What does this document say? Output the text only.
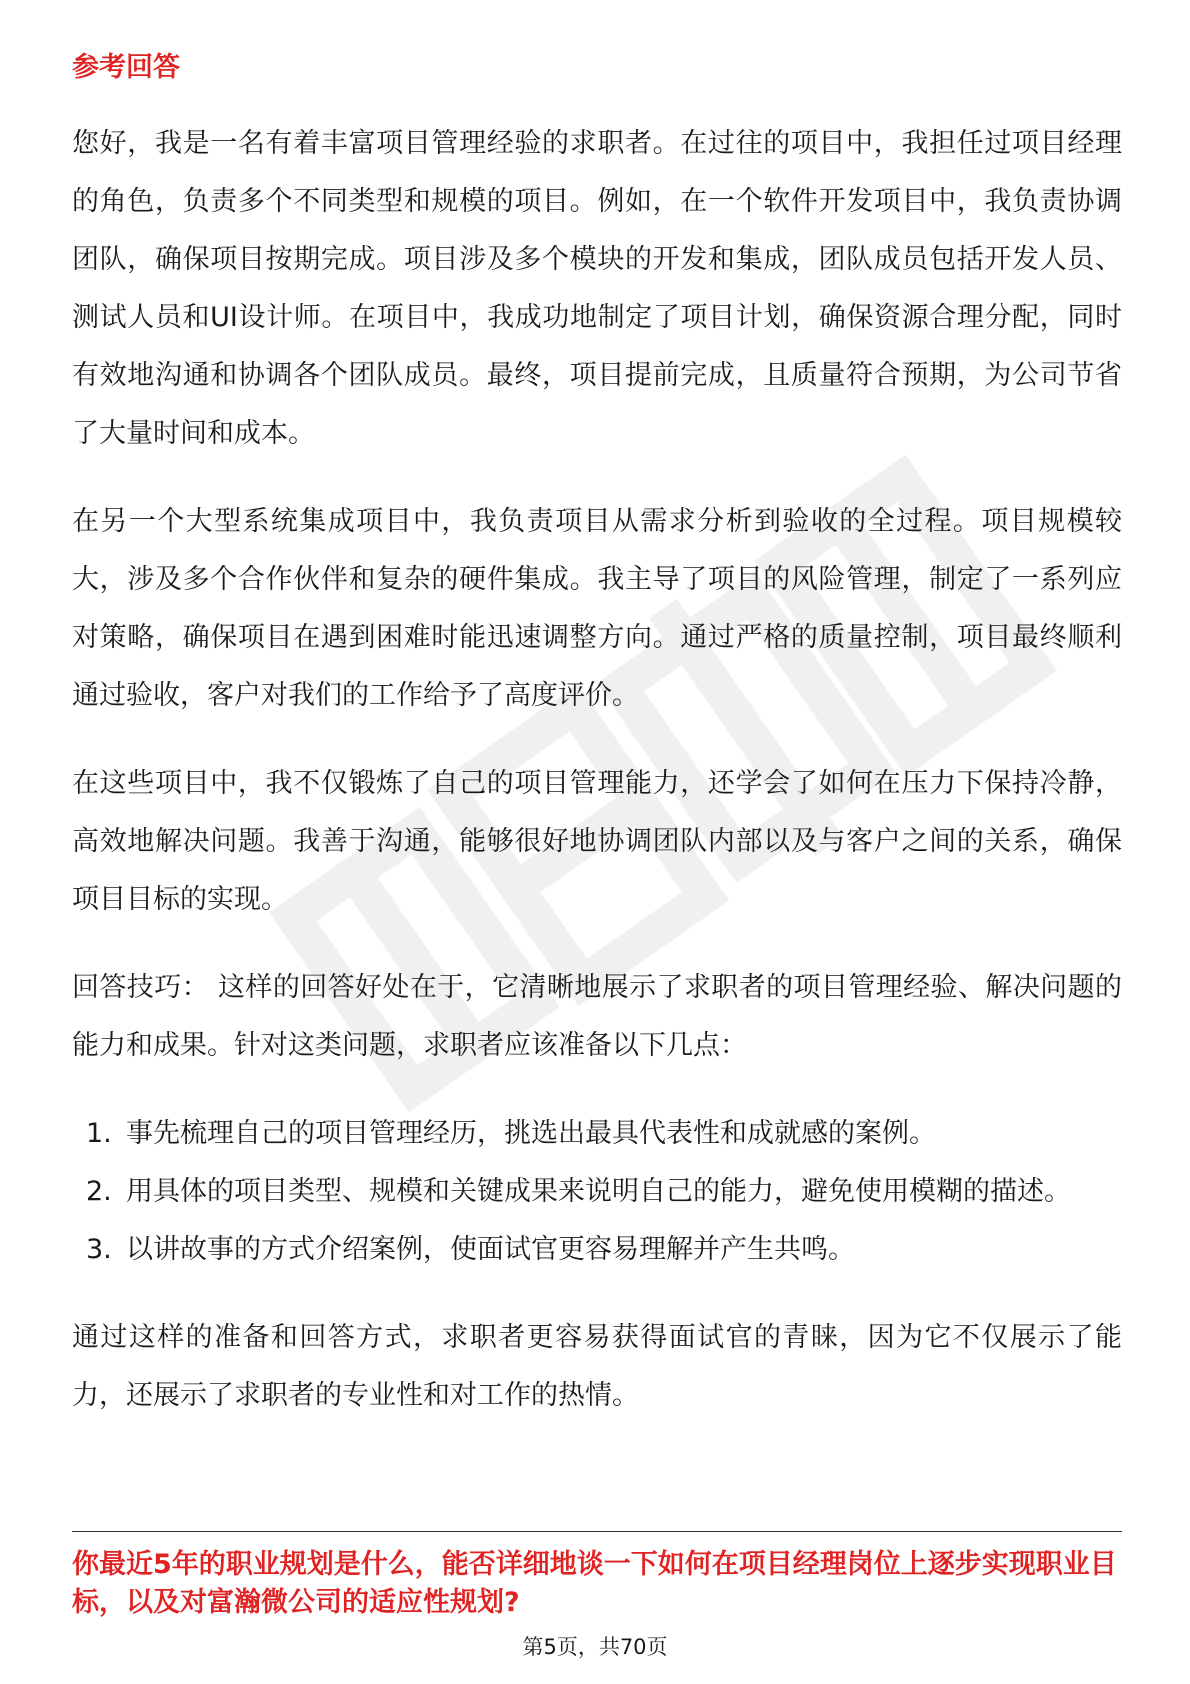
参考回答

您好，我是一名有着丰富项目管理经验的求职者。在过往的项目中，我担任过项目经理的角色，负责多个不同类型和规模的项目。例如，在一个软件开发项目中，我负责协调团队，确保项目按期完成。项目涉及多个模块的开发和集成，团队成员包括开发人员、测试人员和UI设计师。在项目中，我成功地制定了项目计划，确保资源合理分配，同时有效地沟通和协调各个团队成员。最终，项目提前完成，且质量符合预期，为公司节省了大量时间和成本。

在另一个大型系统集成项目中，我负责项目从需求分析到验收的全过程。项目规模较大，涉及多个合作伙伴和复杂的硬件集成。我主导了项目的风险管理，制定了一系列应对策略，确保项目在遇到困难时能迅速调整方向。通过严格的质量控制，项目最终顺利通过验收，客户对我们的工作给予了高度评价。

在这些项目中，我不仅锻炼了自己的项目管理能力，还学会了如何在压力下保持冷静，高效地解决问题。我善于沟通，能够很好地协调团队内部以及与客户之间的关系，确保项目目标的实现。

回答技巧： 这样的回答好处在于，它清晰地展示了求职者的项目管理经验、解决问题的能力和成果。针对这类问题，求职者应该准备以下几点：

1. 事先梳理自己的项目管理经历，挑选出最具代表性和成就感的案例。
2. 用具体的项目类型、规模和关键成果来说明自己的能力，避免使用模糊的描述。
3. 以讲故事的方式介绍案例，使面试官更容易理解并产生共鸣。

通过这样的准备和回答方式，求职者更容易获得面试官的青睐，因为它不仅展示了能力，还展示了求职者的专业性和对工作的热情。

你最近5年的职业规划是什么，能否详细地谈一下如何在项目经理岗位上逐步实现职业目标，以及对富瀚微公司的适应性规划?
第5页，共70页
